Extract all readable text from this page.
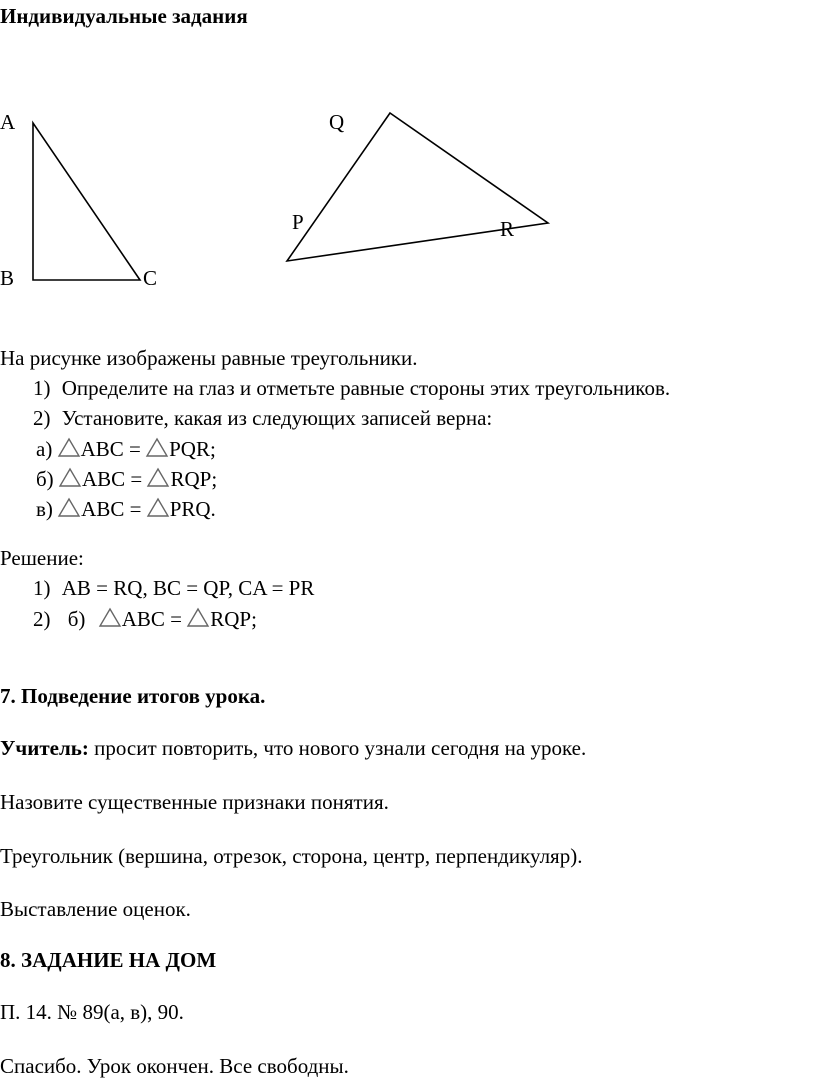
Индивидуальные задания
A
B	C
Q
P	R
На рисунке изображены равные треугольники.
1) Определите на глаз и отметьте равные стороны этих треугольников.
2) Установите, какая из следующих записей верна:
а) ABC = PQR;
б) ABC = RQP;
в) ABC = PRQ.
Решение:
1) AB = RQ, BC = QP, CA = PR
2) б) ABC = RQP;
7. Подведение итогов урока.
Учитель: просит повторить, что нового узнали сегодня на уроке.
Назовите существенные признаки понятия.
Треугольник (вершина, отрезок, сторона, центр, перпендикуляр).
Выставление оценок.
8. ЗАДАНИЕ НА ДОМ
П. 14. № 89(а, в), 90.
Спасибо. Урок окончен. Все свободны.
